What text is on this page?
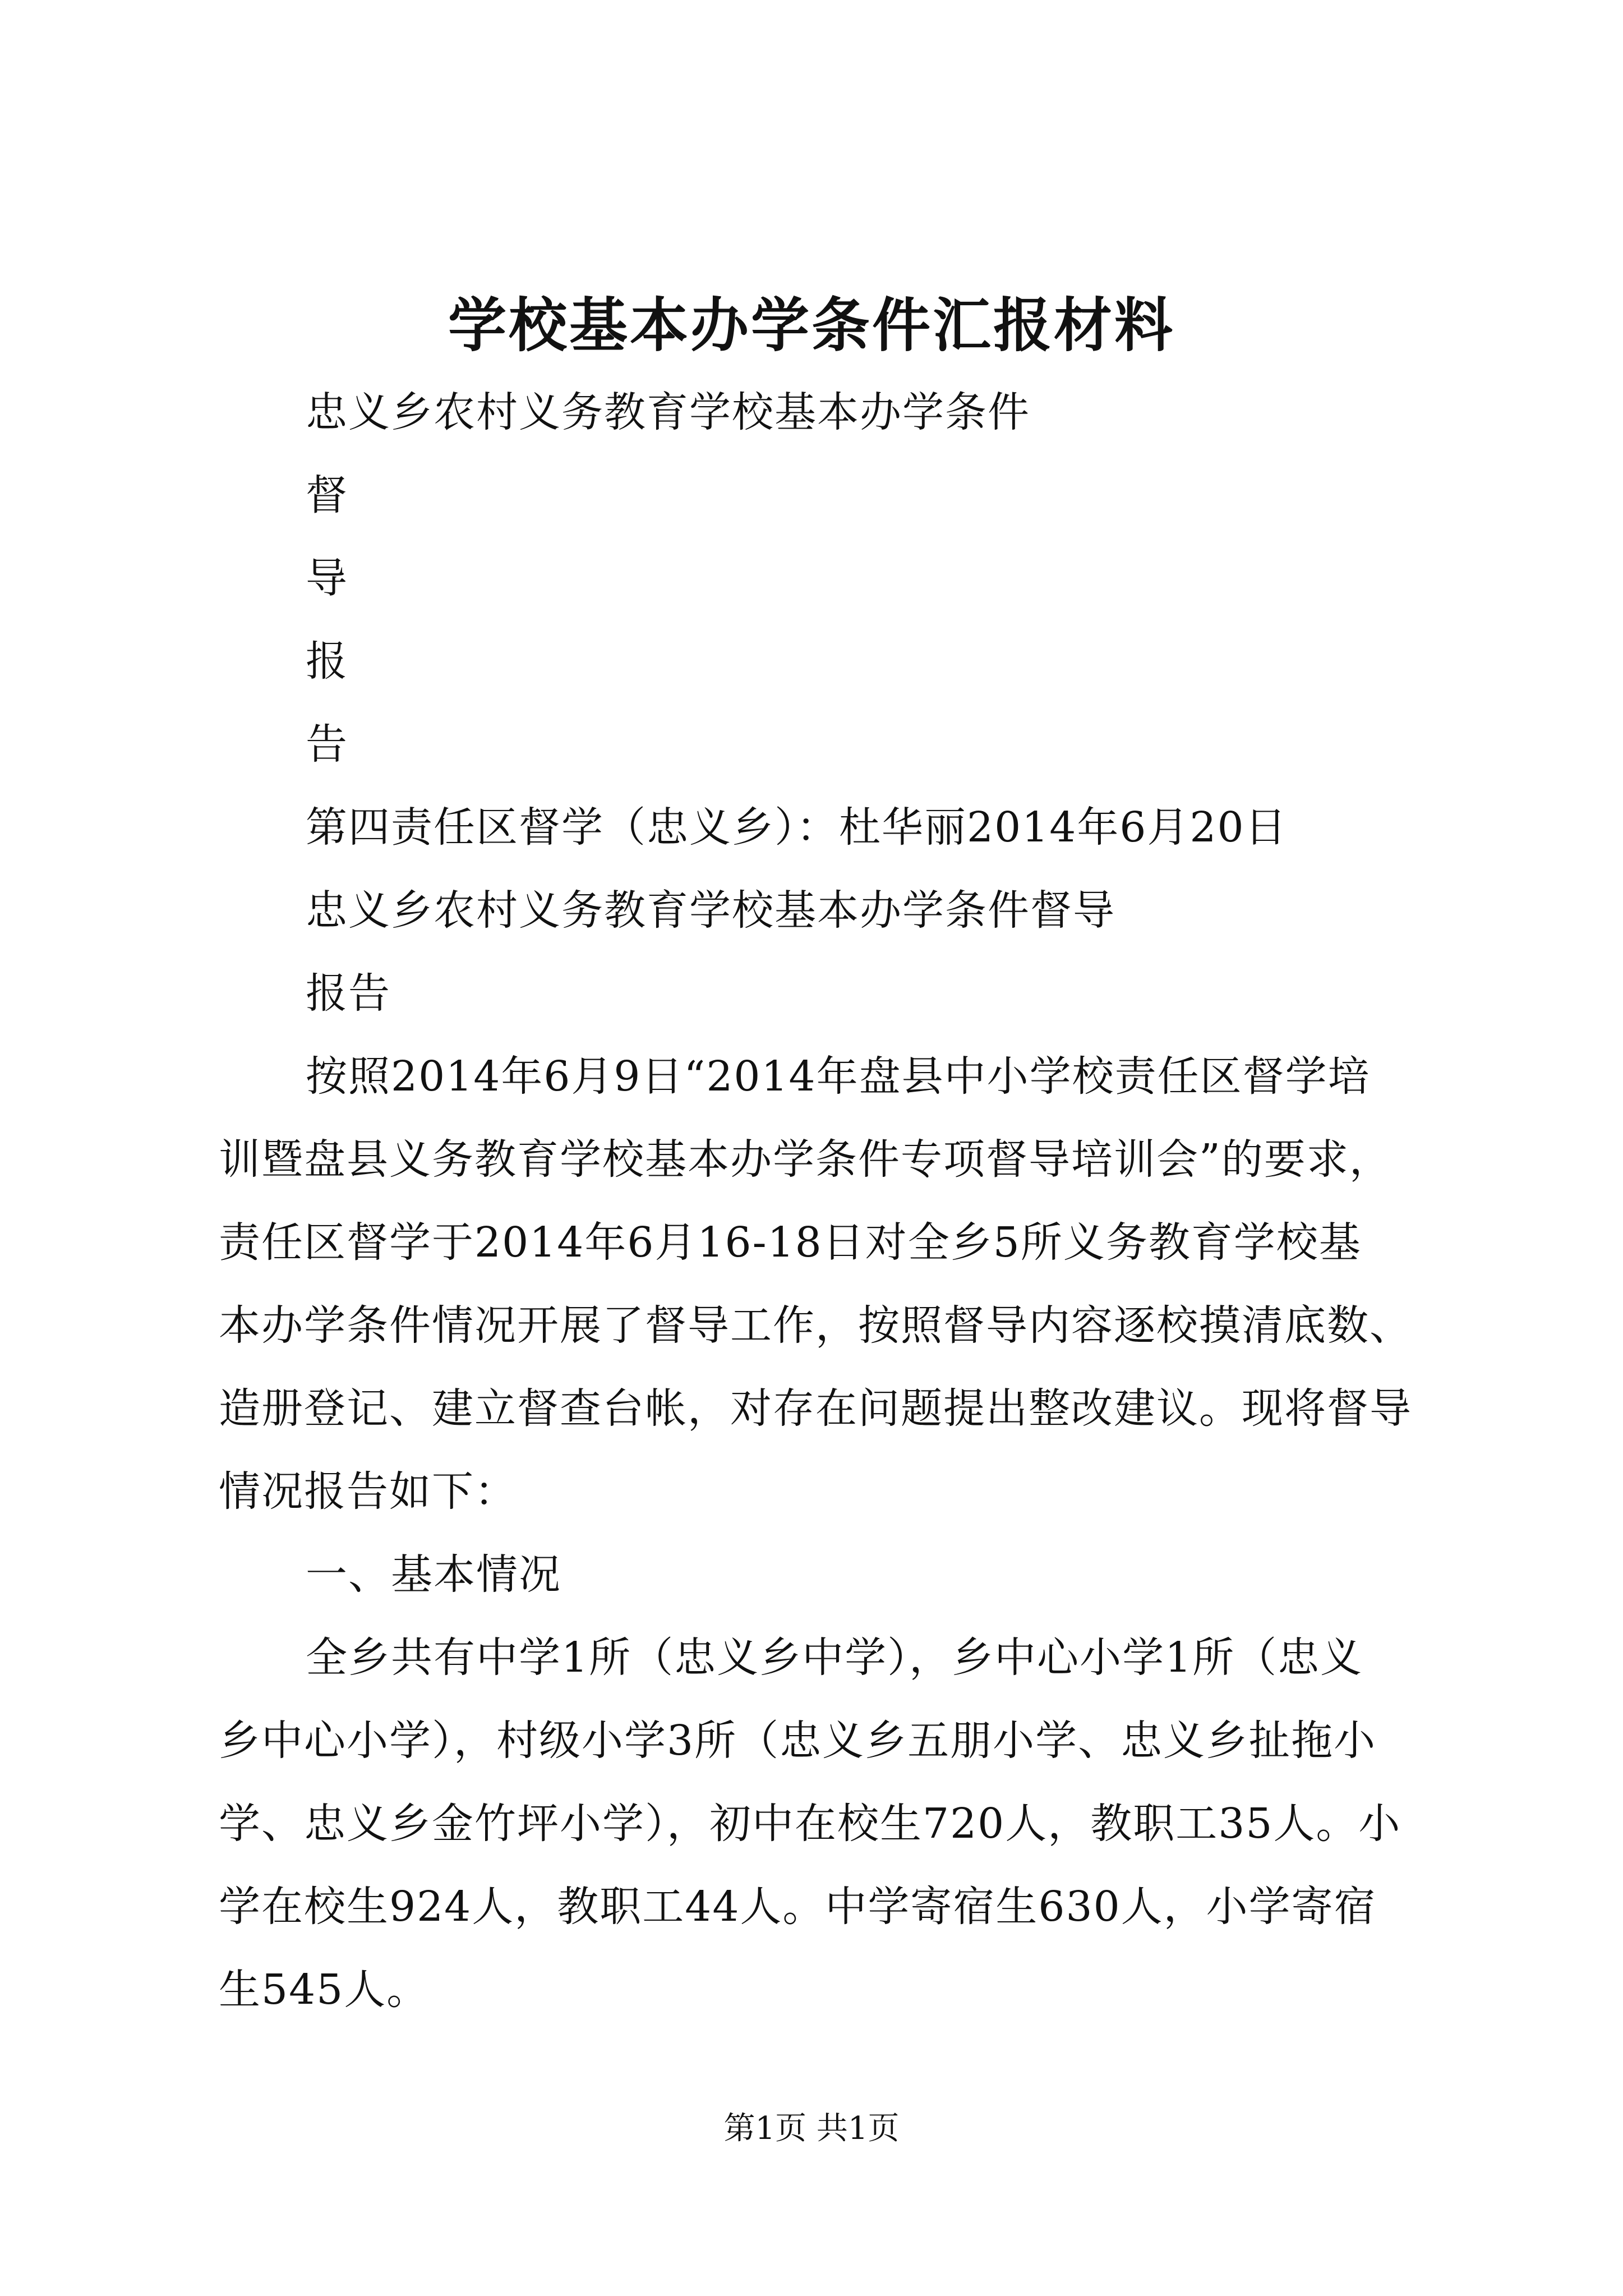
学校基本办学条件汇报材料
忠义乡农村义务教育学校基本办学条件
督
导
报
告
第四责任区督学（忠义乡）：杜华丽2014年6月20日
忠义乡农村义务教育学校基本办学条件督导
报告
按照2014年6月9日“2014年盘县中小学校责任区督学培
训暨盘县义务教育学校基本办学条件专项督导培训会”的要求，
责任区督学于2014年6月16-18日对全乡5所义务教育学校基
本办学条件情况开展了督导工作，按照督导内容逐校摸清底数、
造册登记、建立督查台帐，对存在问题提出整改建议。现将督导
情况报告如下：
一、基本情况
全乡共有中学1所（忠义乡中学），乡中心小学1所（忠义
乡中心小学），村级小学3所（忠义乡五朋小学、忠义乡扯拖小
学、忠义乡金竹坪小学），初中在校生720人，教职工35人。小
学在校生924人，教职工44人。中学寄宿生630人，小学寄宿
生545人。
第1页 共1页
